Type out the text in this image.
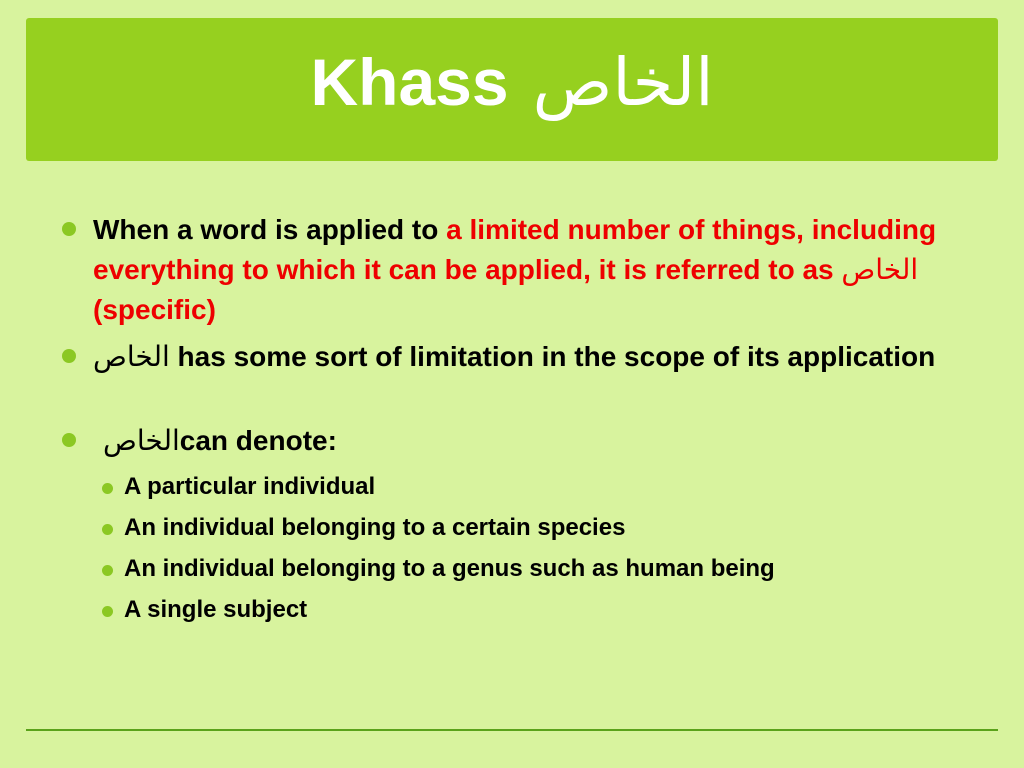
Khass الخاص
When a word is applied to a limited number of things, including everything to which it can be applied, it is referred to as الخاص (specific)
الخاص has some sort of limitation in the scope of its application
الخاصcan denote:
A particular individual
An individual belonging to a certain species
An individual belonging to a genus such as human being
A single subject
